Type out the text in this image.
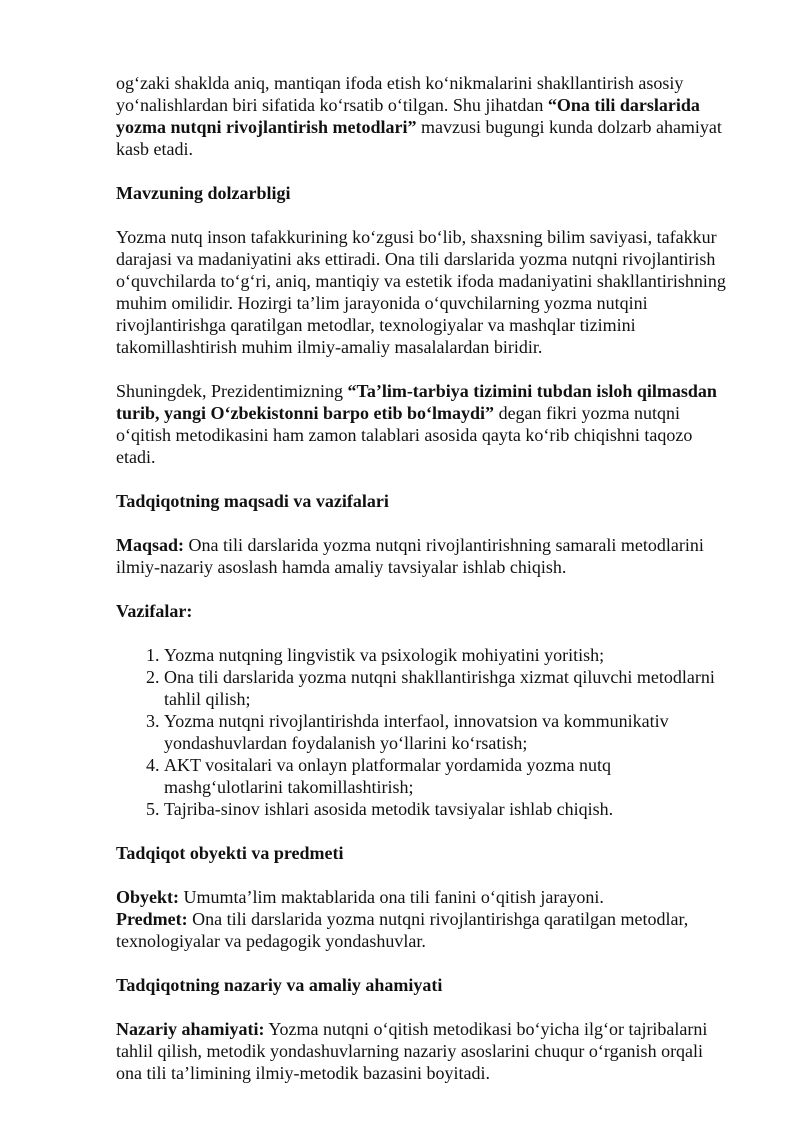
og‘zaki shaklda aniq, mantiqan ifoda etish ko‘nikmalarini shakllantirish asosiy yo‘nalishlardan biri sifatida ko‘rsatib o‘tilgan. Shu jihatdan “Ona tili darslarida yozma nutqni rivojlantirish metodlari” mavzusi bugungi kunda dolzarb ahamiyat kasb etadi.

Mavzuning dolzarbligi

Yozma nutq inson tafakkurining ko‘zgusi bo‘lib, shaxsning bilim saviyasi, tafakkur darajasi va madaniyatini aks ettiradi. Ona tili darslarida yozma nutqni rivojlantirish o‘quvchilarda to‘g‘ri, aniq, mantiqiy va estetik ifoda madaniyatini shakllantirishning muhim omilidir. Hozirgi ta’lim jarayonida o‘quvchilarning yozma nutqini rivojlantirishga qaratilgan metodlar, texnologiyalar va mashqlar tizimini takomillashtirish muhim ilmiy-amaliy masalalardan biridir.

Shuningdek, Prezidentimizning “Ta’lim-tarbiya tizimini tubdan isloh qilmasdan turib, yangi O‘zbekistonni barpo etib bo‘lmaydi” degan fikri yozma nutqni o‘qitish metodikasini ham zamon talablari asosida qayta ko‘rib chiqishni taqozo etadi.

Tadqiqotning maqsadi va vazifalari

Maqsad: Ona tili darslarida yozma nutqni rivojlantirishning samarali metodlarini ilmiy-nazariy asoslash hamda amaliy tavsiyalar ishlab chiqish.

Vazifalar:

1. Yozma nutqning lingvistik va psixologik mohiyatini yoritish;
2. Ona tili darslarida yozma nutqni shakllantirishga xizmat qiluvchi metodlarni tahlil qilish;
3. Yozma nutqni rivojlantirishda interfaol, innovatsion va kommunikativ yondashuvlardan foydalanish yo‘llarini ko‘rsatish;
4. AKT vositalari va onlayn platformalar yordamida yozma nutq mashg‘ulotlarini takomillashtirish;
5. Tajriba-sinov ishlari asosida metodik tavsiyalar ishlab chiqish.

Tadqiqot obyekti va predmeti

Obyekt: Umumta’lim maktablarida ona tili fanini o‘qitish jarayoni.

Predmet: Ona tili darslarida yozma nutqni rivojlantirishga qaratilgan metodlar, texnologiyalar va pedagogik yondashuvlar.

Tadqiqotning nazariy va amaliy ahamiyati

Nazariy ahamiyati: Yozma nutqni o‘qitish metodikasi bo‘yicha ilg‘or tajribalarni tahlil qilish, metodik yondashuvlarning nazariy asoslarini chuqur o‘rganish orqali ona tili ta’limining ilmiy-metodik bazasini boyitadi.
